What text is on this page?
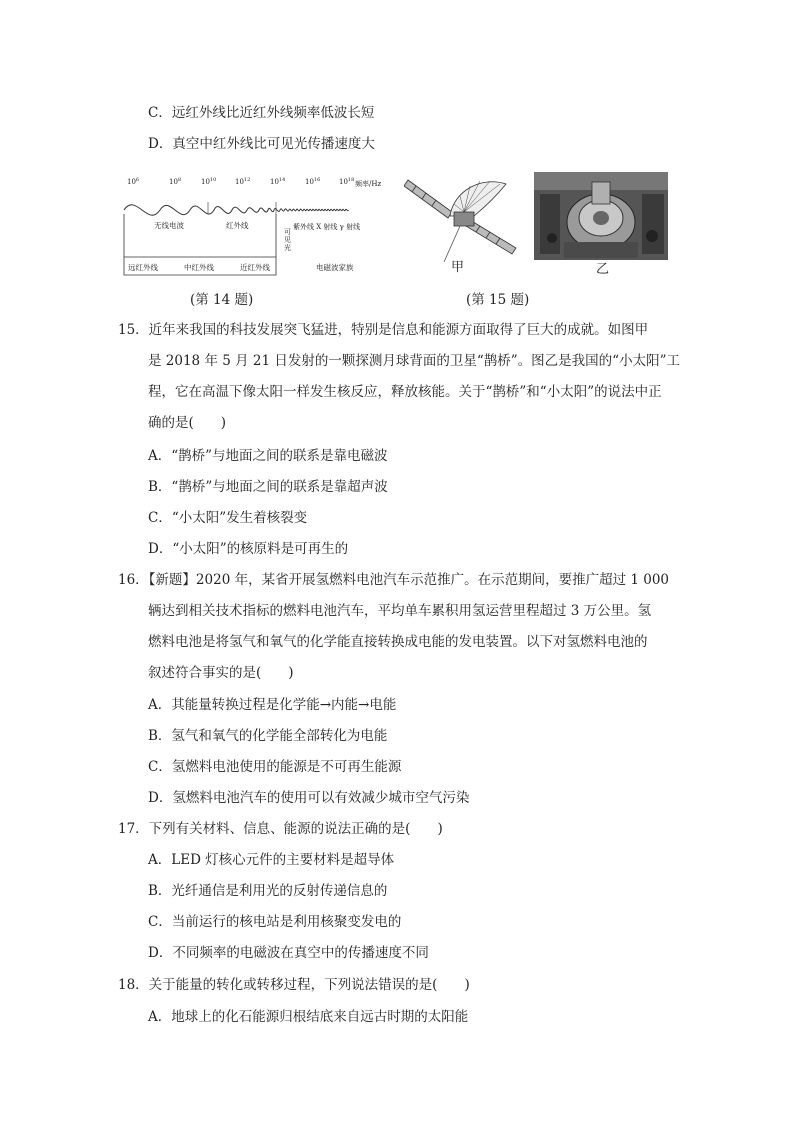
C．远红外线比近红外线频率低波长短
D．真空中红外线比可见光传播速度大
$10^6$	$10^8$	$10^{10}$	$10^{12}$	$10^{14}$	$10^{16}$	$10^{18}$ 频率/Hz
无线电波	红外线
可
见
光
紫外线 X 射线 γ 射线
远红外线	中红外线	近红外线	电磁波家族	甲	乙
(第 14 题)	(第 15 题)
15．近年来我国的科技发展突飞猛进，特别是信息和能源方面取得了巨大的成就。如图甲
是 2018 年 5 月 21 日发射的一颗探测月球背面的卫星“鹊桥”。图乙是我国的“小太阳”工
程，它在高温下像太阳一样发生核反应，释放核能。关于“鹊桥”和“小太阳”的说法中正
确的是(　　)
A．“鹊桥”与地面之间的联系是靠电磁波
B．“鹊桥”与地面之间的联系是靠超声波
C．“小太阳”发生着核裂变
D．“小太阳”的核原料是可再生的
16．【新题】2020 年，某省开展氢燃料电池汽车示范推广。在示范期间，要推广超过 1 000
辆达到相关技术指标的燃料电池汽车，平均单车累积用氢运营里程超过 3 万公里。氢
燃料电池是将氢气和氧气的化学能直接转换成电能的发电装置。以下对氢燃料电池的
叙述符合事实的是(　　)
A．其能量转换过程是化学能→内能→电能
B．氢气和氧气的化学能全部转化为电能
C．氢燃料电池使用的能源是不可再生能源
D．氢燃料电池汽车的使用可以有效减少城市空气污染
17．下列有关材料、信息、能源的说法正确的是(　　)
A．LED 灯核心元件的主要材料是超导体
B．光纤通信是利用光的反射传递信息的
C．当前运行的核电站是利用核聚变发电的
D．不同频率的电磁波在真空中的传播速度不同
18．关于能量的转化或转移过程，下列说法错误的是(　　)
A．地球上的化石能源归根结底来自远古时期的太阳能
